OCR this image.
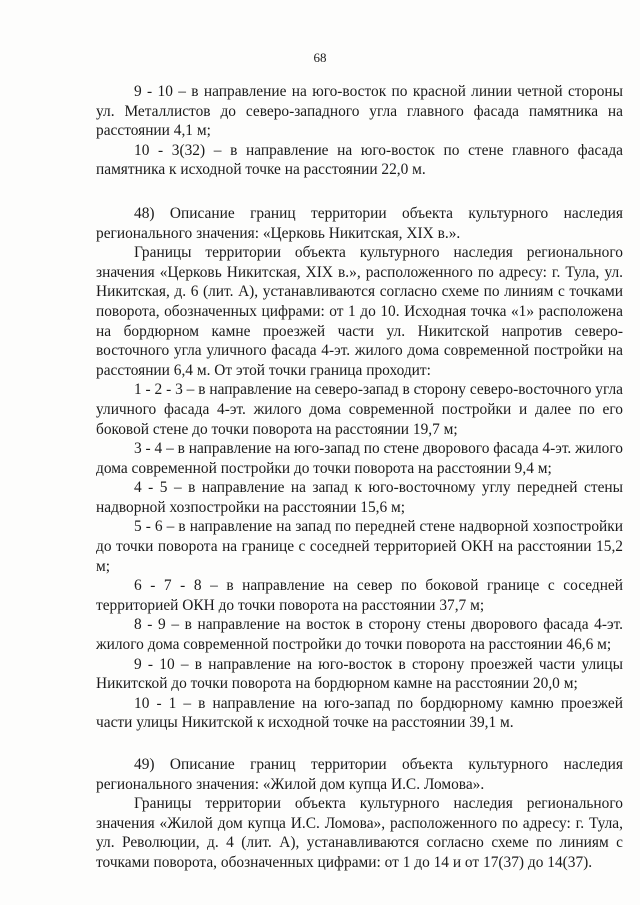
68

9 - 10 – в направление на юго-восток по красной линии четной стороны ул. Металлистов до северо-западного угла главного фасада памятника на расстоянии 4,1 м;

10 - 3(32) – в направление на юго-восток по стене главного фасада памятника к исходной точке на расстоянии 22,0 м.

48) Описание границ территории объекта культурного наследия регионального значения: «Церковь Никитская, XIX в.».

Границы территории объекта культурного наследия регионального значения «Церковь Никитская, XIX в.», расположенного по адресу: г. Тула, ул. Никитская, д. 6 (лит. А), устанавливаются согласно схеме по линиям с точками поворота, обозначенных цифрами: от 1 до 10. Исходная точка «1» расположена на бордюрном камне проезжей части ул. Никитской напротив северо-восточного угла уличного фасада 4-эт. жилого дома современной постройки на расстоянии 6,4 м. От этой точки граница проходит:

1 - 2 - 3 – в направление на северо-запад в сторону северо-восточного угла уличного фасада 4-эт. жилого дома современной постройки и далее по его боковой стене до точки поворота на расстоянии 19,7 м;

3 - 4 – в направление на юго-запад по стене дворового фасада 4-эт. жилого дома современной постройки до точки поворота на расстоянии 9,4 м;

4 - 5 – в направление на запад к юго-восточному углу передней стены надворной хозпостройки на расстоянии 15,6 м;

5 - 6 – в направление на запад по передней стене надворной хозпостройки до точки поворота на границе с соседней территорией ОКН на расстоянии 15,2 м;

6 - 7 - 8 – в направление на север по боковой границе с соседней территорией ОКН до точки поворота на расстоянии 37,7 м;

8 - 9 – в направление на восток в сторону стены дворового фасада 4-эт. жилого дома современной постройки до точки поворота на расстоянии 46,6 м;

9 - 10 – в направление на юго-восток в сторону проезжей части улицы Никитской до точки поворота на бордюрном камне на расстоянии 20,0 м;

10 - 1 – в направление на юго-запад по бордюрному камню проезжей части улицы Никитской к исходной точке на расстоянии 39,1 м.

49) Описание границ территории объекта культурного наследия регионального значения: «Жилой дом купца И.С. Ломова».

Границы территории объекта культурного наследия регионального значения «Жилой дом купца И.С. Ломова», расположенного по адресу: г. Тула, ул. Революции, д. 4 (лит. А), устанавливаются согласно схеме по линиям с точками поворота, обозначенных цифрами: от 1 до 14 и от 17(37) до 14(37).
